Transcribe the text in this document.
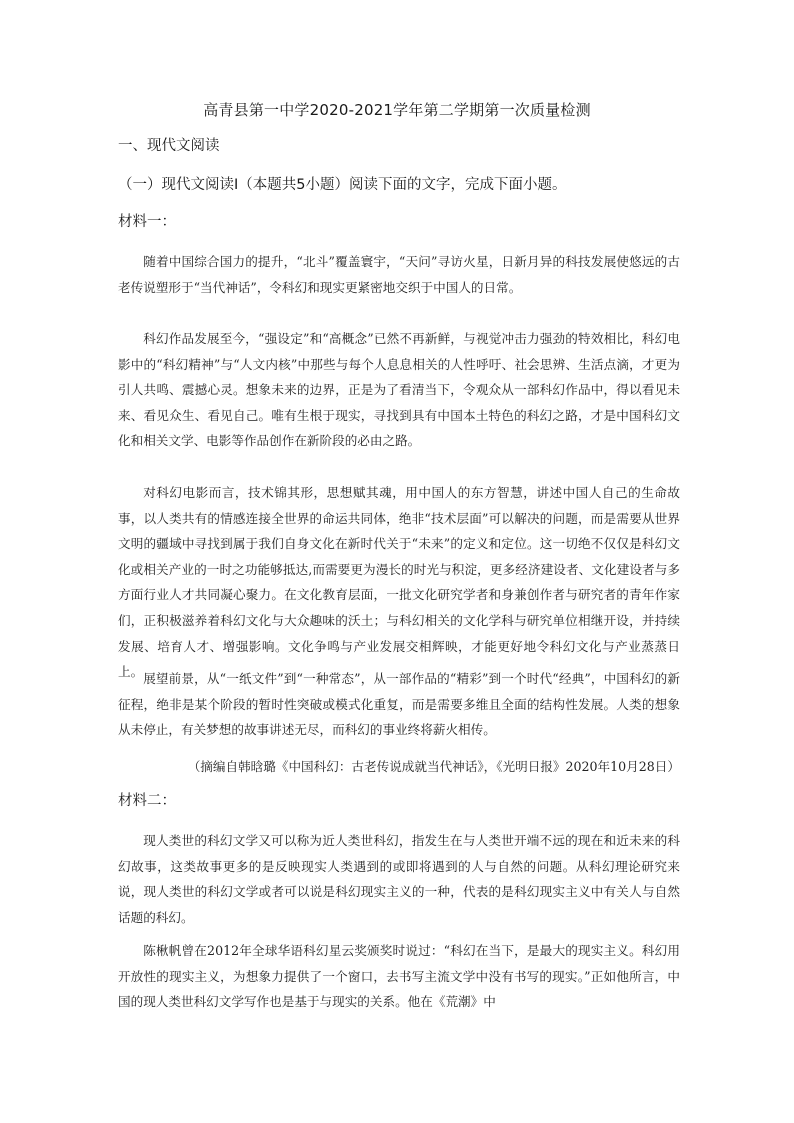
高青县第一中学2020-2021学年第二学期第一次质量检测
一、现代文阅读
（一）现代文阅读Ⅰ（本题共5小题）阅读下面的文字，完成下面小题。
材料一：
随着中国综合国力的提升，“北斗”覆盖寰宇，“天问”寻访火星，日新月异的科技发展使悠远的古老传说塑形于“当代神话”，令科幻和现实更紧密地交织于中国人的日常。
科幻作品发展至今，“强设定”和“高概念”已然不再新鲜，与视觉冲击力强劲的特效相比，科幻电影中的“科幻精神”与“人文内核”中那些与每个人息息相关的人性呼吁、社会思辨、生活点滴，才更为引人共鸣、震撼心灵。想象未来的边界，正是为了看清当下，令观众从一部科幻作品中，得以看见未来、看见众生、看见自己。唯有生根于现实，寻找到具有中国本土特色的科幻之路，才是中国科幻文化和相关文学、电影等作品创作在新阶段的必由之路。
对科幻电影而言，技术锦其形，思想赋其魂，用中国人的东方智慧，讲述中国人自己的生命故事，以人类共有的情感连接全世界的命运共同体，绝非“技术层面”可以解决的问题，而是需要从世界文明的疆域中寻找到属于我们自身文化在新时代关于“未来”的定义和定位。这一切绝不仅仅是科幻文化或相关产业的一时之功能够抵达,而需要更为漫长的时光与积淀，更多经济建设者、文化建设者与多方面行业人才共同凝心聚力。在文化教育层面，一批文化研究学者和身兼创作者与研究者的青年作家们，正积极滋养着科幻文化与大众趣味的沃土；与科幻相关的文化学科与研究单位相继开设，并持续发展、培育人才、增强影响。文化争鸣与产业发展交相辉映，才能更好地令科幻文化与产业蒸蒸日上。 展望前景，从“一纸文件”到“一种常态”，从一部作品的“精彩”到一个时代“经典”，中国科幻的新征程，绝非是某个阶段的暂时性突破或模式化重复，而是需要多维且全面的结构性发展。人类的想象从未停止，有关梦想的故事讲述无尽，而科幻的事业终将薪火相传。
（摘编自韩晗璐《中国科幻：古老传说成就当代神话》，《光明日报》2020年10月28日）
材料二：
现人类世的科幻文学又可以称为近人类世科幻，指发生在与人类世开端不远的现在和近未来的科幻故事，这类故事更多的是反映现实人类遇到的或即将遇到的人与自然的问题。从科幻理论研究来说，现人类世的科幻文学或者可以说是科幻现实主义的一种，代表的是科幻现实主义中有关人与自然话题的科幻。
陈楸帆曾在2012年全球华语科幻星云奖颁奖时说过：“科幻在当下，是最大的现实主义。科幻用开放性的现实主义，为想象力提供了一个窗口，去书写主流文学中没有书写的现实。”正如他所言，中国的现人类世科幻文学写作也是基于与现实的关系。他在《荒潮》中
